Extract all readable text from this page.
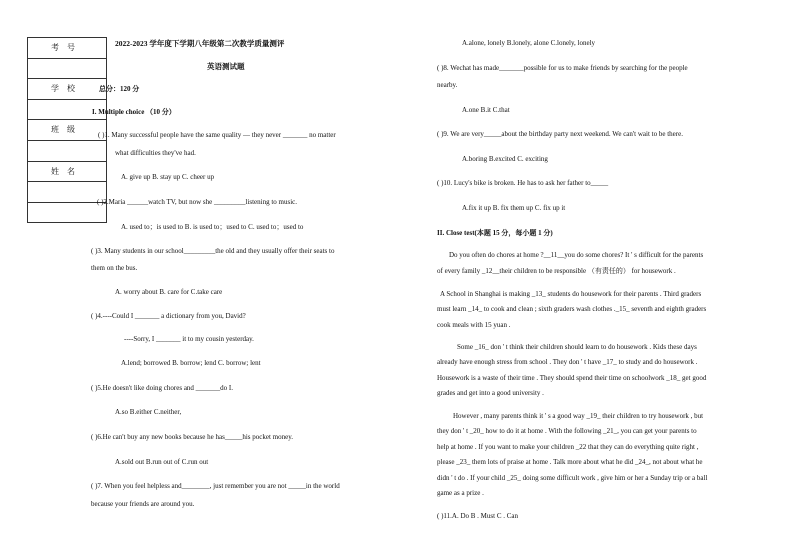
考号
学校
班级
姓名
2022-2023 学年度下学期八年级第二次教学质量测评
英语测试题
总分：120 分
I. Multiple choice （10 分）
( )1. Many successful people have the same quality — they never _______ no matter
what difficulties they've had.
A. give up B. stay up C. cheer up
( )2.Maria ______watch TV, but now she _________listening to music.
A. used to；is used to B. is used to；used to C. used to；used to
( )3. Many students in our school_________the old and they usually offer their seats to
them on the bus.
A. worry about B. care for C.take care
( )4.----Could I _______ a dictionary from you, David?
----Sorry, I _______ it to my cousin yesterday.
A.lend; borrowed B. borrow; lend C. borrow; lent
( )5.He doesn't like doing chores and _______do I.
A.so B.either C.neither,
( )6.He can't buy any new books because he has_____his pocket money.
A.sold out B.run out of C.run out
( )7. When you feel helpless and________, just remember you are not _____in the world
because your friends are around you.
A.alone, lonely B.lonely, alone C.lonely, lonely
( )8. Wechat has made_______possible for us to make friends by searching for the people
nearby.
A.one B.it C.that
( )9. We are very_____about the birthday party next weekend. We can't wait to be there.
A.boring B.excited C. exciting
( )10. Lucy's bike is broken. He has to ask her father to_____
A.fix it up B. fix them up C. fix up it
II. Close test(本题 15 分，每小题 1 分)
Do you often do chores at home ?__11__you do some chores? It ' s difficult for the parents
of every family _12__their children to be responsible （有责任的） for housework .
A School in Shanghai is making _13_ students do housework for their parents . Third graders
must learn _14_ to cook and clean ; sixth graders wash clothes ._15_ seventh and eighth graders
cook meals with 15 yuan .
Some _16_ don ' t think their children should learn to do housework . Kids these days
already have enough stress from school . They don ' t have _17_ to study and do housework .
Housework is a waste of their time . They should spend their time on schoolwork _18_ get good
grades and get into a good university .
However , many parents think it ' s a good way _19_ their children to try housework , but
they don ' t _20_ how to do it at home . With the following _21_, you can get your parents to
help at home . If you want to make your children _22 that they can do everything quite right ,
please _23_ them lots of praise at home . Talk more about what he did _24_, not about what he
didn ' t do . If your child _25_ doing some difficult work , give him or her a Sunday trip or a ball
game as a prize .
( )11.A. Do B . Must C . Can
